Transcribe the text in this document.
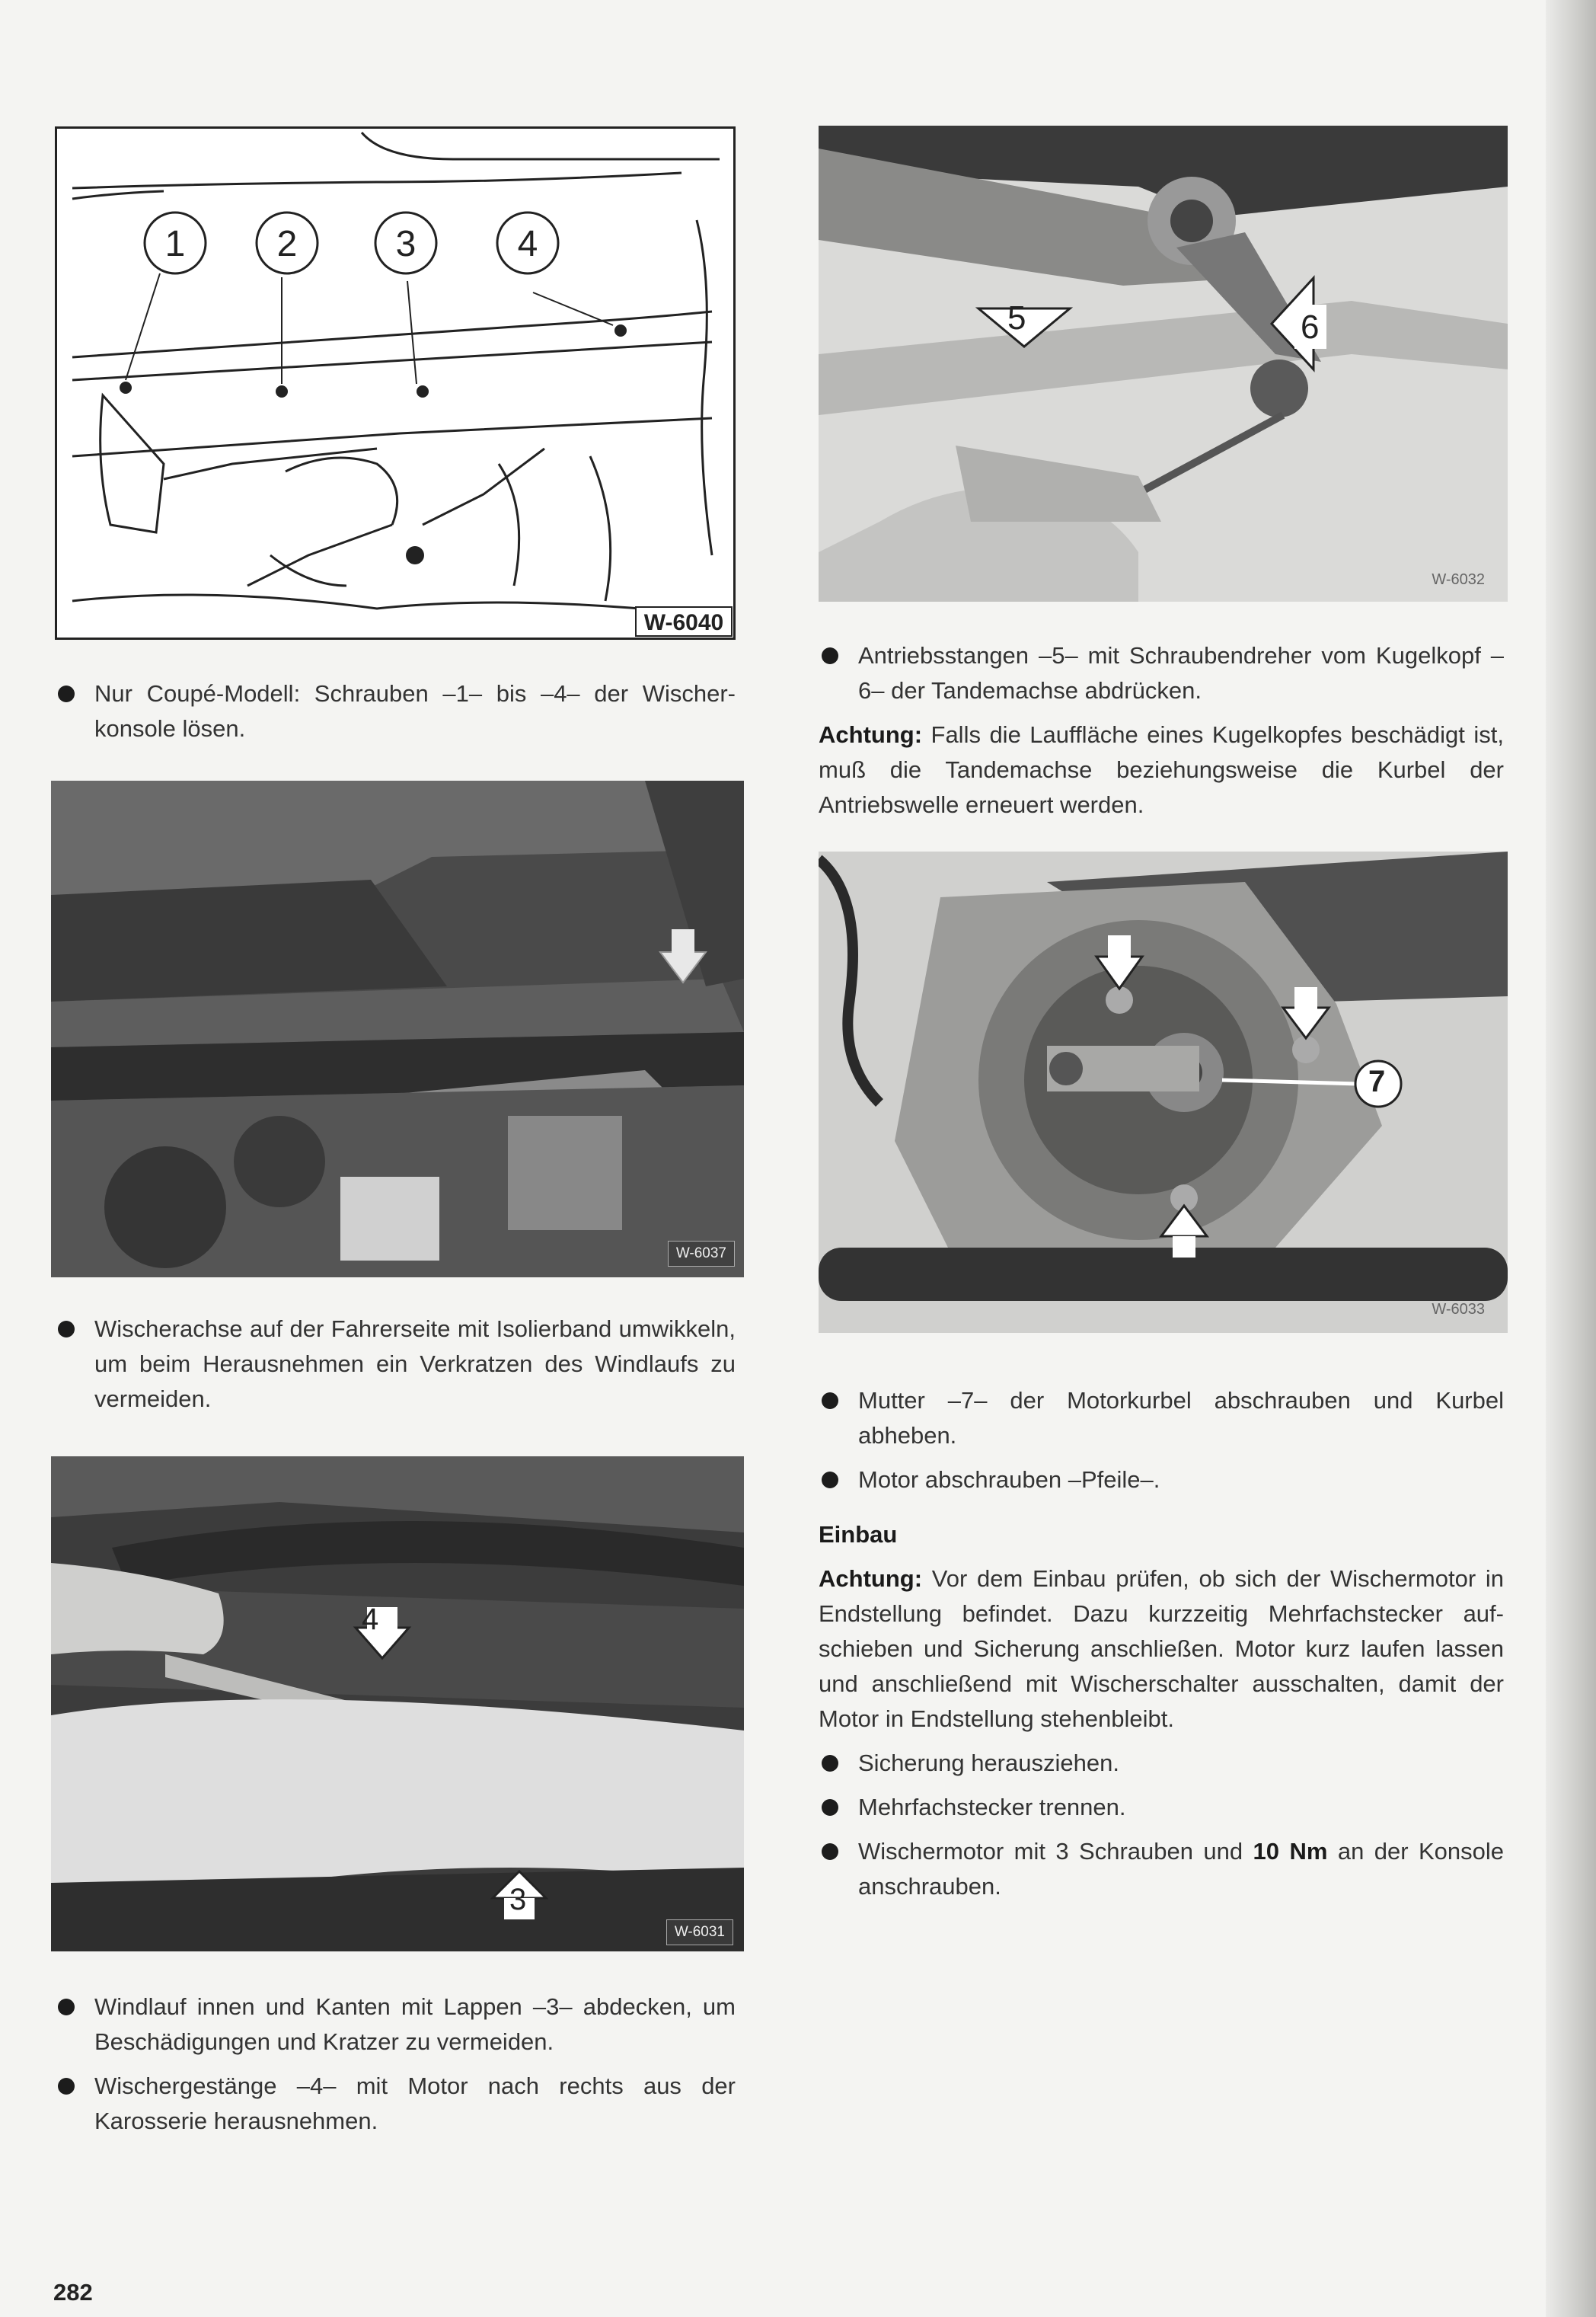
1	2	3	4
W-6040
5	6
W-6032
Antriebsstangen –5– mit Schraubendreher vom Kugelkopf –6– der Tandemachse abdrücken.
Achtung: Falls die Lauffläche eines Kugelkopfes beschädigt ist, muß die Tandemachse beziehungsweise die Kurbel der Antriebswelle erneuert werden.
Nur Coupé-Modell: Schrauben –1– bis –4– der Wischerkonsole lösen.
W-6037
7
W-6033
Wischerachse auf der Fahrerseite mit Isolierband umwikkeln, um beim Herausnehmen ein Verkratzen des Windlaufs zu vermeiden.	Mutter –7– der Motorkurbel abschrauben und Kurbel abheben.
Motor abschrauben –Pfeile–.
Einbau
Achtung: Vor dem Einbau prüfen, ob sich der Wischermotor in Endstellung befindet. Dazu kurzzeitig Mehrfachstecker aufschieben und Sicherung anschließen. Motor kurz laufen lassen und anschließend mit Wischerschalter ausschalten, damit der Motor in Endstellung stehenbleibt.
Sicherung herausziehen.
Mehrfachstecker trennen.
Wischermotor mit 3 Schrauben und 10 Nm an der Konsole anschrauben.
4
3
W-6031
Windlauf innen und Kanten mit Lappen –3– abdecken, um Beschädigungen und Kratzer zu vermeiden.
Wischergestänge –4– mit Motor nach rechts aus der Karosserie herausnehmen.
282
